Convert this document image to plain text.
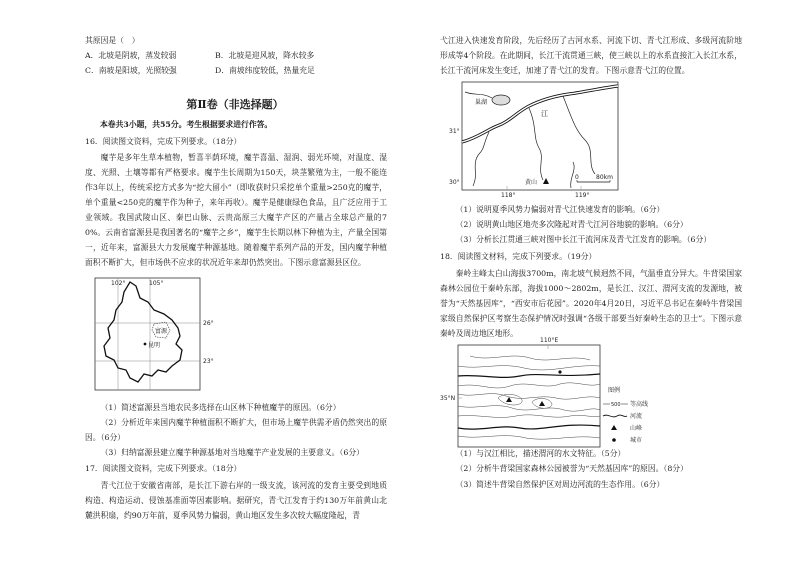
其原因是（　）
A．北坡是阴坡，蒸发较弱	B．北坡是迎风坡，降水较多
C．南坡是阳坡，光照较强	D．南坡纬度较低，热量充足
第Ⅱ卷（非选择题）
本卷共3小题，共55分。考生根据要求进行作答。
16．阅读图文资料，完成下列要求。（18分）
魔芋是多年生草本植物，暂喜半荫环境，魔芋喜温、湿润、弱光环境，对温度、湿度、光照、土壤等都有严格要求。魔芋生长周期为150天，块茎繁殖为主，一般不能连作3年以上，传统采挖方式多为“挖大留小”（即收获时只采挖单个重量>250克的魔芋，单个重量<250克的魔芋作为种子，来年再收）。魔芋是健康绿色食品，且广泛应用于工业领域。我国武陵山区、秦巴山脉、云贵高原三大魔芋产区的产量占全球总产量的70%。云南省富源县是我国著名的“魔芋之乡”，魔芋生长期以林下种植为主，产量全国第一，近年来，富源县大力发展魔芋种源基地。随着魔芋系列产品的开发，国内魔芋种植面积不断扩大，但市场供不应求的状况近年来却仍然突出。下图示意富源县区位。
102°	105°
26°
23°
富源
昆明
（1）简述富源县当地农民多选择在山区林下种植魔芋的原因。（6分）
（2）分析近年来国内魔芋种植面积不断扩大，但市场上魔芋供需矛盾仍然突出的原因。（6分）
（3）归纳富源县建立魔芋种源基地对当地魔芋产业发展的主要意义。（6分）
17．阅读图文资料，完成下列要求。（18分）
青弋江位于安徽省南部，是长江下游右岸的一级支流，该河流的发育主要受到地质构造、构造运动、侵蚀基准面等因素影响。据研究，青弋江发育于约130万年前黄山北麓洪积扇，约90万年前，夏季风势力偏弱，黄山地区发生多次较大幅度隆起，青
弋江进入快速发育阶段，先后经历了古河水系、河流下切、青弋江形成、多级河流阶地形成等4个阶段。在此期间，长江干流贯通三峡，使三峡以上的水系直接汇入长江水系，长江干流河床发生变迁，加速了青弋江的发育。下图示意青弋江的位置。
巢湖
江
31°
30°
118°	119°
黄山
0	80km
（1）说明夏季风势力偏弱对青弋江快速发育的影响。（6分）
（2）说明黄山地区地壳多次隆起对青弋江河谷地貌的影响。（6分）
（3）分析长江贯通三峡对图中长江干流河床及青弋江发育的影响。（6分）
18．阅读图文材料，完成下列要求。（19分）
秦岭主峰太白山海拔3700m，南北坡气候迥然不同，气温垂直分异大。牛背梁国家森林公园位于秦岭东部，海拔1000～2802m，是长江、汉江、渭河支流的发源地，被誉为“天然基因库”，“西安市后花园”。2020年4月20日，习近平总书记在秦岭牛背梁国家级自然保护区考察生态保护情况时强调“各级干部要当好秦岭生态的卫士”。下图示意秦岭及周边地区地形。
110°E
35°N
图例
500 等高线
河流
山峰
城市
（1）与汉江相比，描述渭河的水文特征。（5分）
（2）分析牛背梁国家森林公园被誉为“天然基因库”的原因。（8分）
（3）简述牛背梁自然保护区对周边河流的生态作用。（6分）
